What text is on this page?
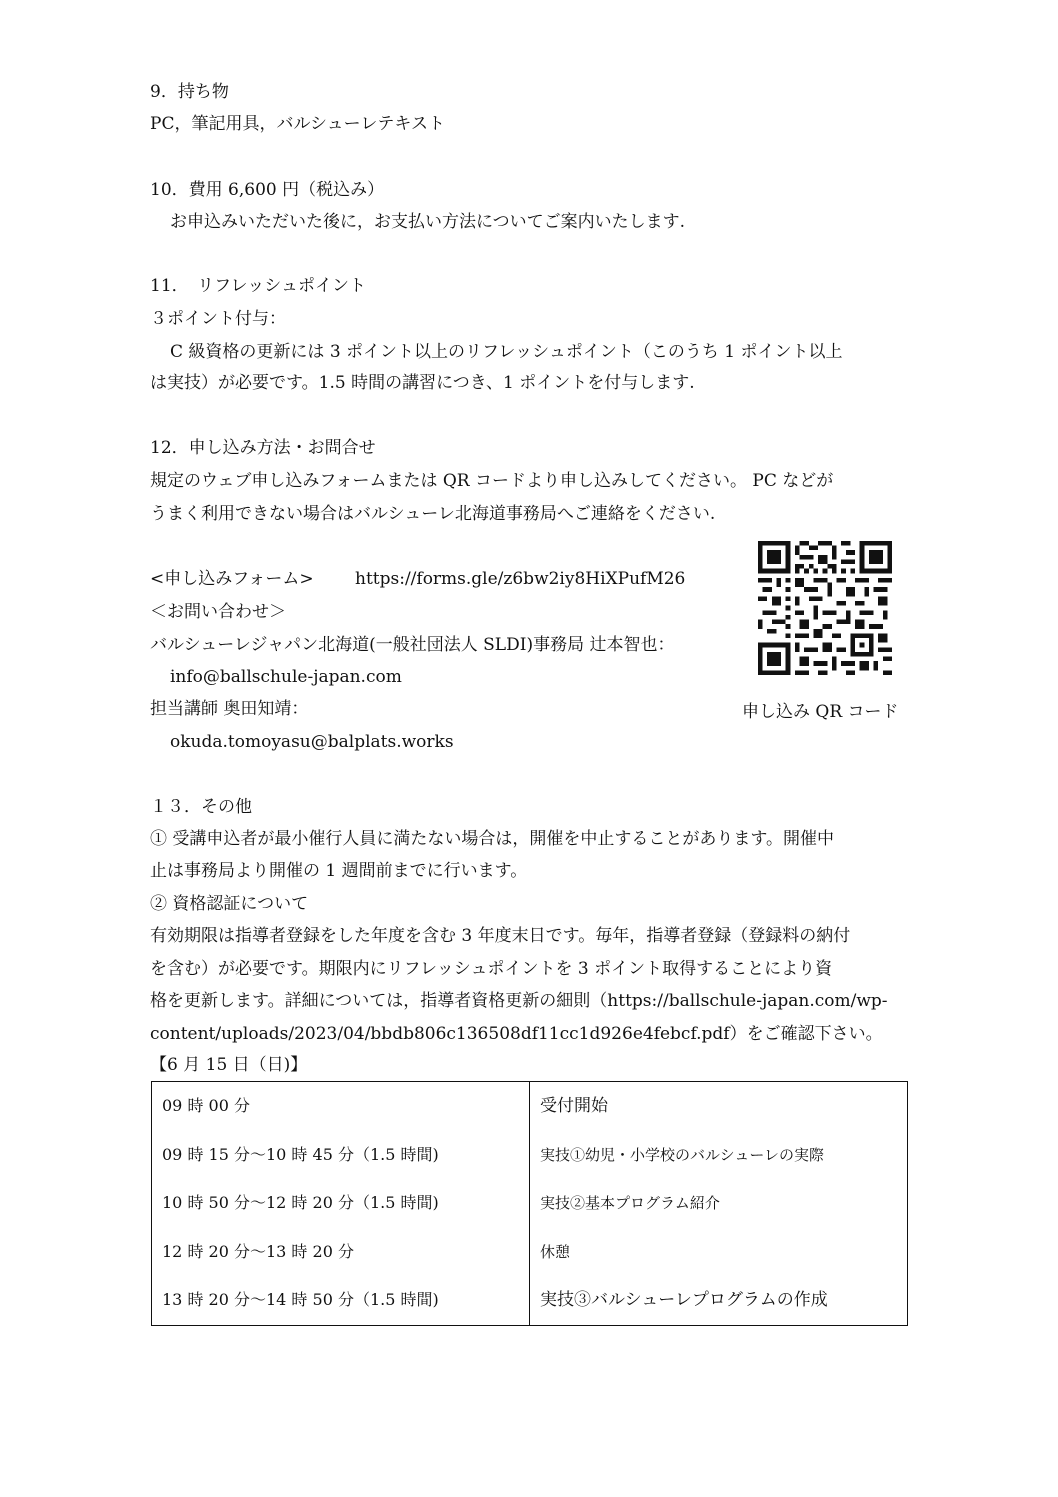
9．持ち物
PC，筆記用具，バルシューレテキスト
10．費用 6,600 円（税込み）
お申込みいただいた後に，お支払い方法についてご案内いたします.
11．　リフレッシュポイント
３ポイント付与：
C 級資格の更新には 3 ポイント以上のリフレッシュポイント（このうち 1 ポイント以上
は実技）が必要です。1.5 時間の講習につき、1 ポイントを付与します.
12．申し込み方法・お問合せ
規定のウェブ申し込みフォームまたは QR コードより申し込みしてください。 PC などが
うまく利用できない場合はバルシューレ北海道事務局へご連絡をください.
<申し込みフォーム> https://forms.gle/z6bw2iy8HiXPufM26
＜お問い合わせ＞
バルシューレジャパン北海道(一般社団法人 SLDI)事務局 辻本智也：
info@ballschule-japan.com
担当講師 奥田知靖：
okuda.tomoyasu@balplats.works
申し込み QR コード
１３．その他
① 受講申込者が最小催行人員に満たない場合は，開催を中止することがあります。開催中
止は事務局より開催の 1 週間前までに行います。
② 資格認証について
有効期限は指導者登録をした年度を含む 3 年度末日です。毎年，指導者登録（登録料の納付
を含む）が必要です。期限内にリフレッシュポイントを 3 ポイント取得することにより資
格を更新します。詳細については，指導者資格更新の細則（https://ballschule-japan.com/wp-
content/uploads/2023/04/bbdb806c136508df11cc1d926e4febcf.pdf）をご確認下さい。
【6 月 15 日（日)】
09 時 00 分	受付開始
09 時 15 分～10 時 45 分（1.5 時間)	実技①幼児・小学校のバルシューレの実際
10 時 50 分～12 時 20 分（1.5 時間)	実技②基本プログラム紹介
12 時 20 分～13 時 20 分	休憩
13 時 20 分～14 時 50 分（1.5 時間)	実技③バルシューレプログラムの作成
